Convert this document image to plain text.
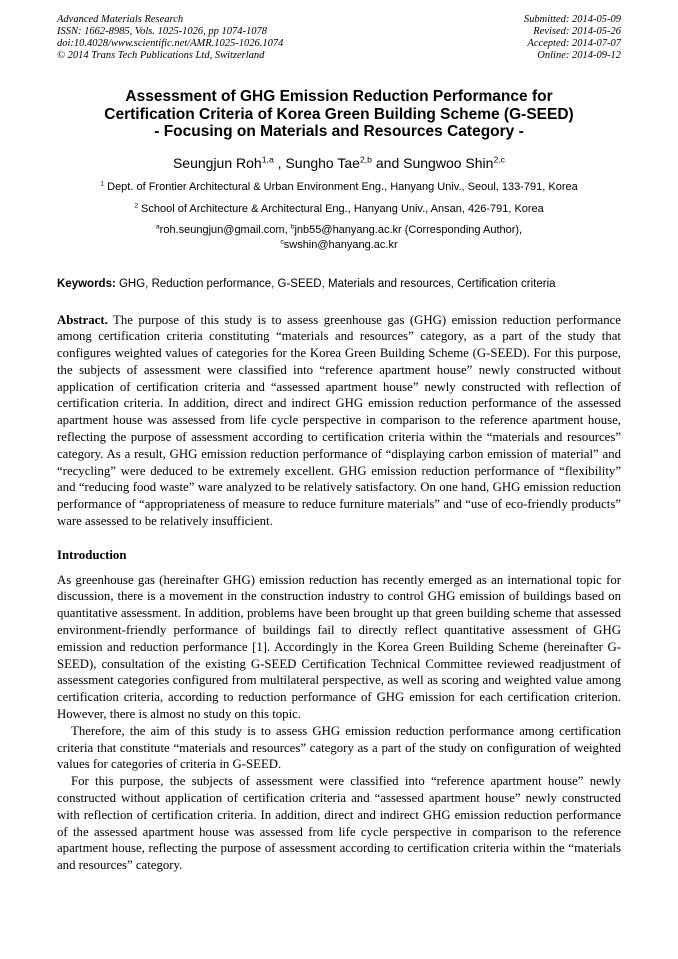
Advanced Materials Research
ISSN: 1662-8985, Vols. 1025-1026, pp 1074-1078
doi:10.4028/www.scientific.net/AMR.1025-1026.1074
© 2014 Trans Tech Publications Ltd, Switzerland
Submitted: 2014-05-09
Revised: 2014-05-26
Accepted: 2014-07-07
Online: 2014-09-12
Assessment of GHG Emission Reduction Performance for
Certification Criteria of Korea Green Building Scheme (G-SEED)
- Focusing on Materials and Resources Category -
Seungjun Roh$^{1,a}$ , Sungho Tae$^{2,b}$ and Sungwoo Shin$^{2,c}$
$^1$ Dept. of Frontier Architectural & Urban Environment Eng., Hanyang Univ., Seoul, 133-791, Korea
$^2$ School of Architecture & Architectural Eng., Hanyang Univ., Ansan, 426-791, Korea
$^a$roh.seungjun@gmail.com, $^b$jnb55@hanyang.ac.kr (Corresponding Author),
$^c$swshin@hanyang.ac.kr

Keywords: GHG, Reduction performance, G-SEED, Materials and resources, Certification criteria

Abstract. The purpose of this study is to assess greenhouse gas (GHG) emission reduction performance among certification criteria constituting “materials and resources” category, as a part of the study that configures weighted values of categories for the Korea Green Building Scheme (G-SEED). For this purpose, the subjects of assessment were classified into “reference apartment house” newly constructed without application of certification criteria and “assessed apartment house” newly constructed with reflection of certification criteria. In addition, direct and indirect GHG emission reduction performance of the assessed apartment house was assessed from life cycle perspective in comparison to the reference apartment house, reflecting the purpose of assessment according to certification criteria within the “materials and resources” category. As a result, GHG emission reduction performance of “displaying carbon emission of material” and “recycling” were deduced to be extremely excellent. GHG emission reduction performance of “flexibility” and “reducing food waste” ware analyzed to be relatively satisfactory. On one hand, GHG emission reduction performance of “appropriateness of measure to reduce furniture materials” and “use of eco-friendly products” ware assessed to be relatively insufficient.

Introduction

As greenhouse gas (hereinafter GHG) emission reduction has recently emerged as an international topic for discussion, there is a movement in the construction industry to control GHG emission of buildings based on quantitative assessment. In addition, problems have been brought up that green building scheme that assessed environment-friendly performance of buildings fail to directly reflect quantitative assessment of GHG emission and reduction performance [1]. Accordingly in the Korea Green Building Scheme (hereinafter G-SEED), consultation of the existing G-SEED Certification Technical Committee reviewed readjustment of assessment categories configured from multilateral perspective, as well as scoring and weighted value among certification criteria, according to reduction performance of GHG emission for each certification criterion. However, there is almost no study on this topic.

Therefore, the aim of this study is to assess GHG emission reduction performance among certification criteria that constitute “materials and resources” category as a part of the study on configuration of weighted values for categories of criteria in G-SEED.

For this purpose, the subjects of assessment were classified into “reference apartment house” newly constructed without application of certification criteria and “assessed apartment house” newly constructed with reflection of certification criteria. In addition, direct and indirect GHG emission reduction performance of the assessed apartment house was assessed from life cycle perspective in comparison to the reference apartment house, reflecting the purpose of assessment according to certification criteria within the “materials and resources” category.
